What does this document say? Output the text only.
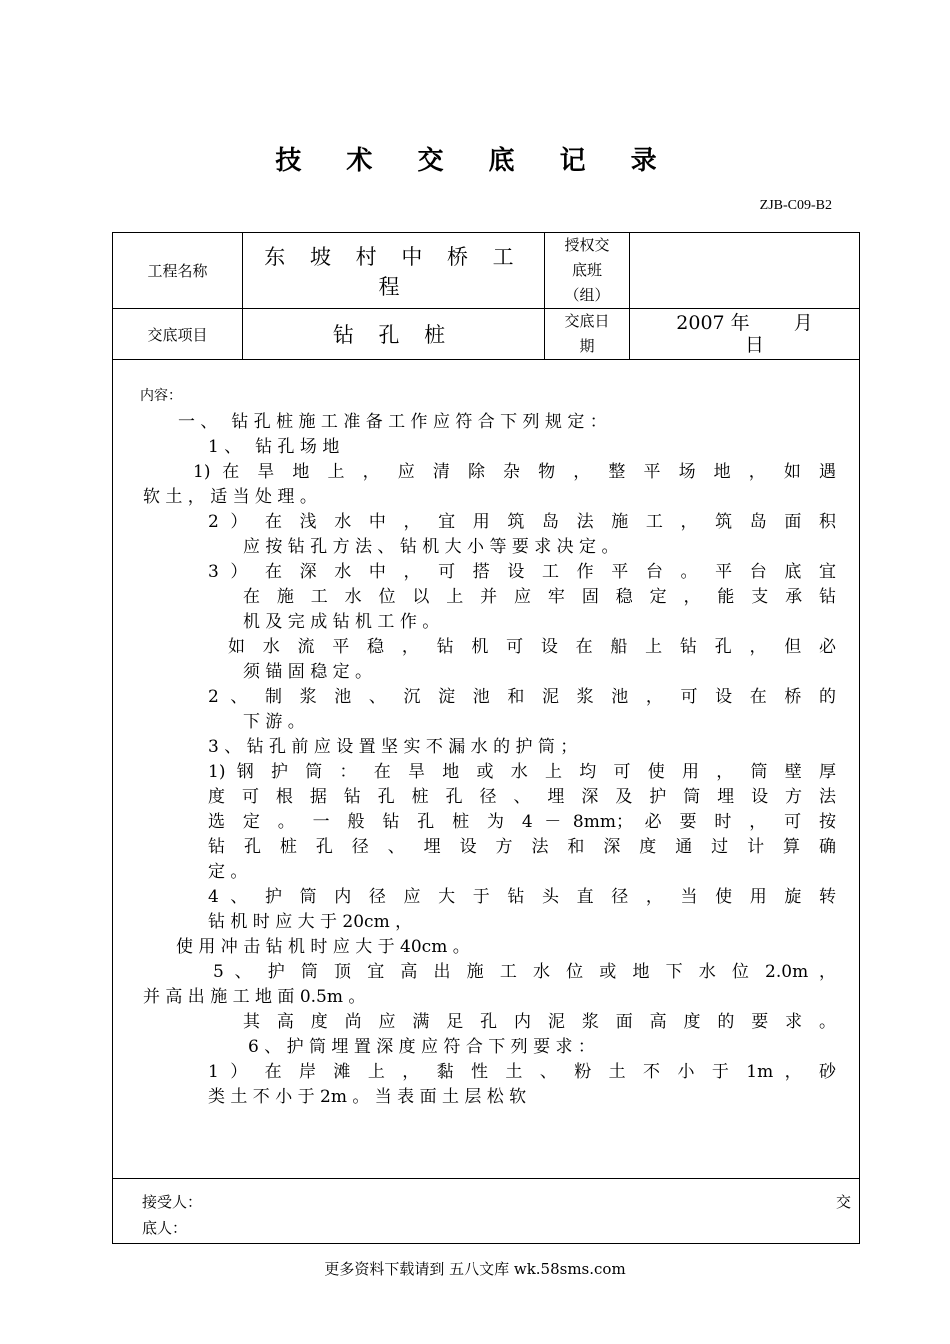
技 术 交 底 记 录
ZJB-C09-B2
工程名称
东 坡 村 中 桥 工 程
授权交
底班
（组）
交底项目	钻 孔 桩
交底日
期
2007 年　　 月
日
内容：
一 、　 钻 孔 桩 施 工 准 备 工 作 应 符 合 下 列 规 定 ：
1 、　 钻 孔 场 地
1) 在 旱 地 上 ， 应 清 除 杂 物 ， 整 平 场 地 ， 如 遇
软 土 ， 适 当 处 理 。
2 ） 在 浅 水 中 ， 宜 用 筑 岛 法 施 工 ， 筑 岛 面 积
应 按 钻 孔 方 法 、 钻 机 大 小 等 要 求 决 定 。
3 ） 在 深 水 中 ， 可 搭 设 工 作 平 台 。 平 台 底 宜
在 施 工 水 位 以 上 并 应 牢 固 稳 定 ， 能 支 承 钻
机 及 完 成 钻 机 工 作 。
如 水 流 平 稳 ， 钻 机 可 设 在 船 上 钻 孔 ， 但 必
须 锚 固 稳 定 。
2 、 制 浆 池 、 沉 淀 池 和 泥 浆 池 ， 可 设 在 桥 的
下 游 。
3 、 钻 孔 前 应 设 置 坚 实 不 漏 水 的 护 筒 ；
1) 钢 护 筒 ： 在 旱 地 或 水 上 均 可 使 用 ， 筒 壁 厚
度 可 根 据 钻 孔 桩 孔 径 、 埋 深 及 护 筒 埋 设 方 法
选 定 。 一 般 钻 孔 桩 为 4 － 8mm； 必 要 时 ， 可 按
钻 孔 桩 孔 径 、 埋 设 方 法 和 深 度 通 过 计 算 确
定 。
4 、 护 筒 内 径 应 大 于 钻 头 直 径 ， 当 使 用 旋 转
钻 机 时 应 大 于 20cm ，
使 用 冲 击 钻 机 时 应 大 于 40cm 。
5 、 护 筒 顶 宜 高 出 施 工 水 位 或 地 下 水 位 2.0m ，
并 高 出 施 工 地 面 0.5m 。
其 高 度 尚 应 满 足 孔 内 泥 浆 面 高 度 的 要 求 。
6 、 护 筒 埋 置 深 度 应 符 合 下 列 要 求 ：
1 ） 在 岸 滩 上 ， 黏 性 土 、 粉 土 不 小 于 1m ， 砂
类 土 不 小 于 2m 。 当 表 面 土 层 松 软
接受人：
底人：
交
更多资料下载请到 五八文库 wk.58sms.com
